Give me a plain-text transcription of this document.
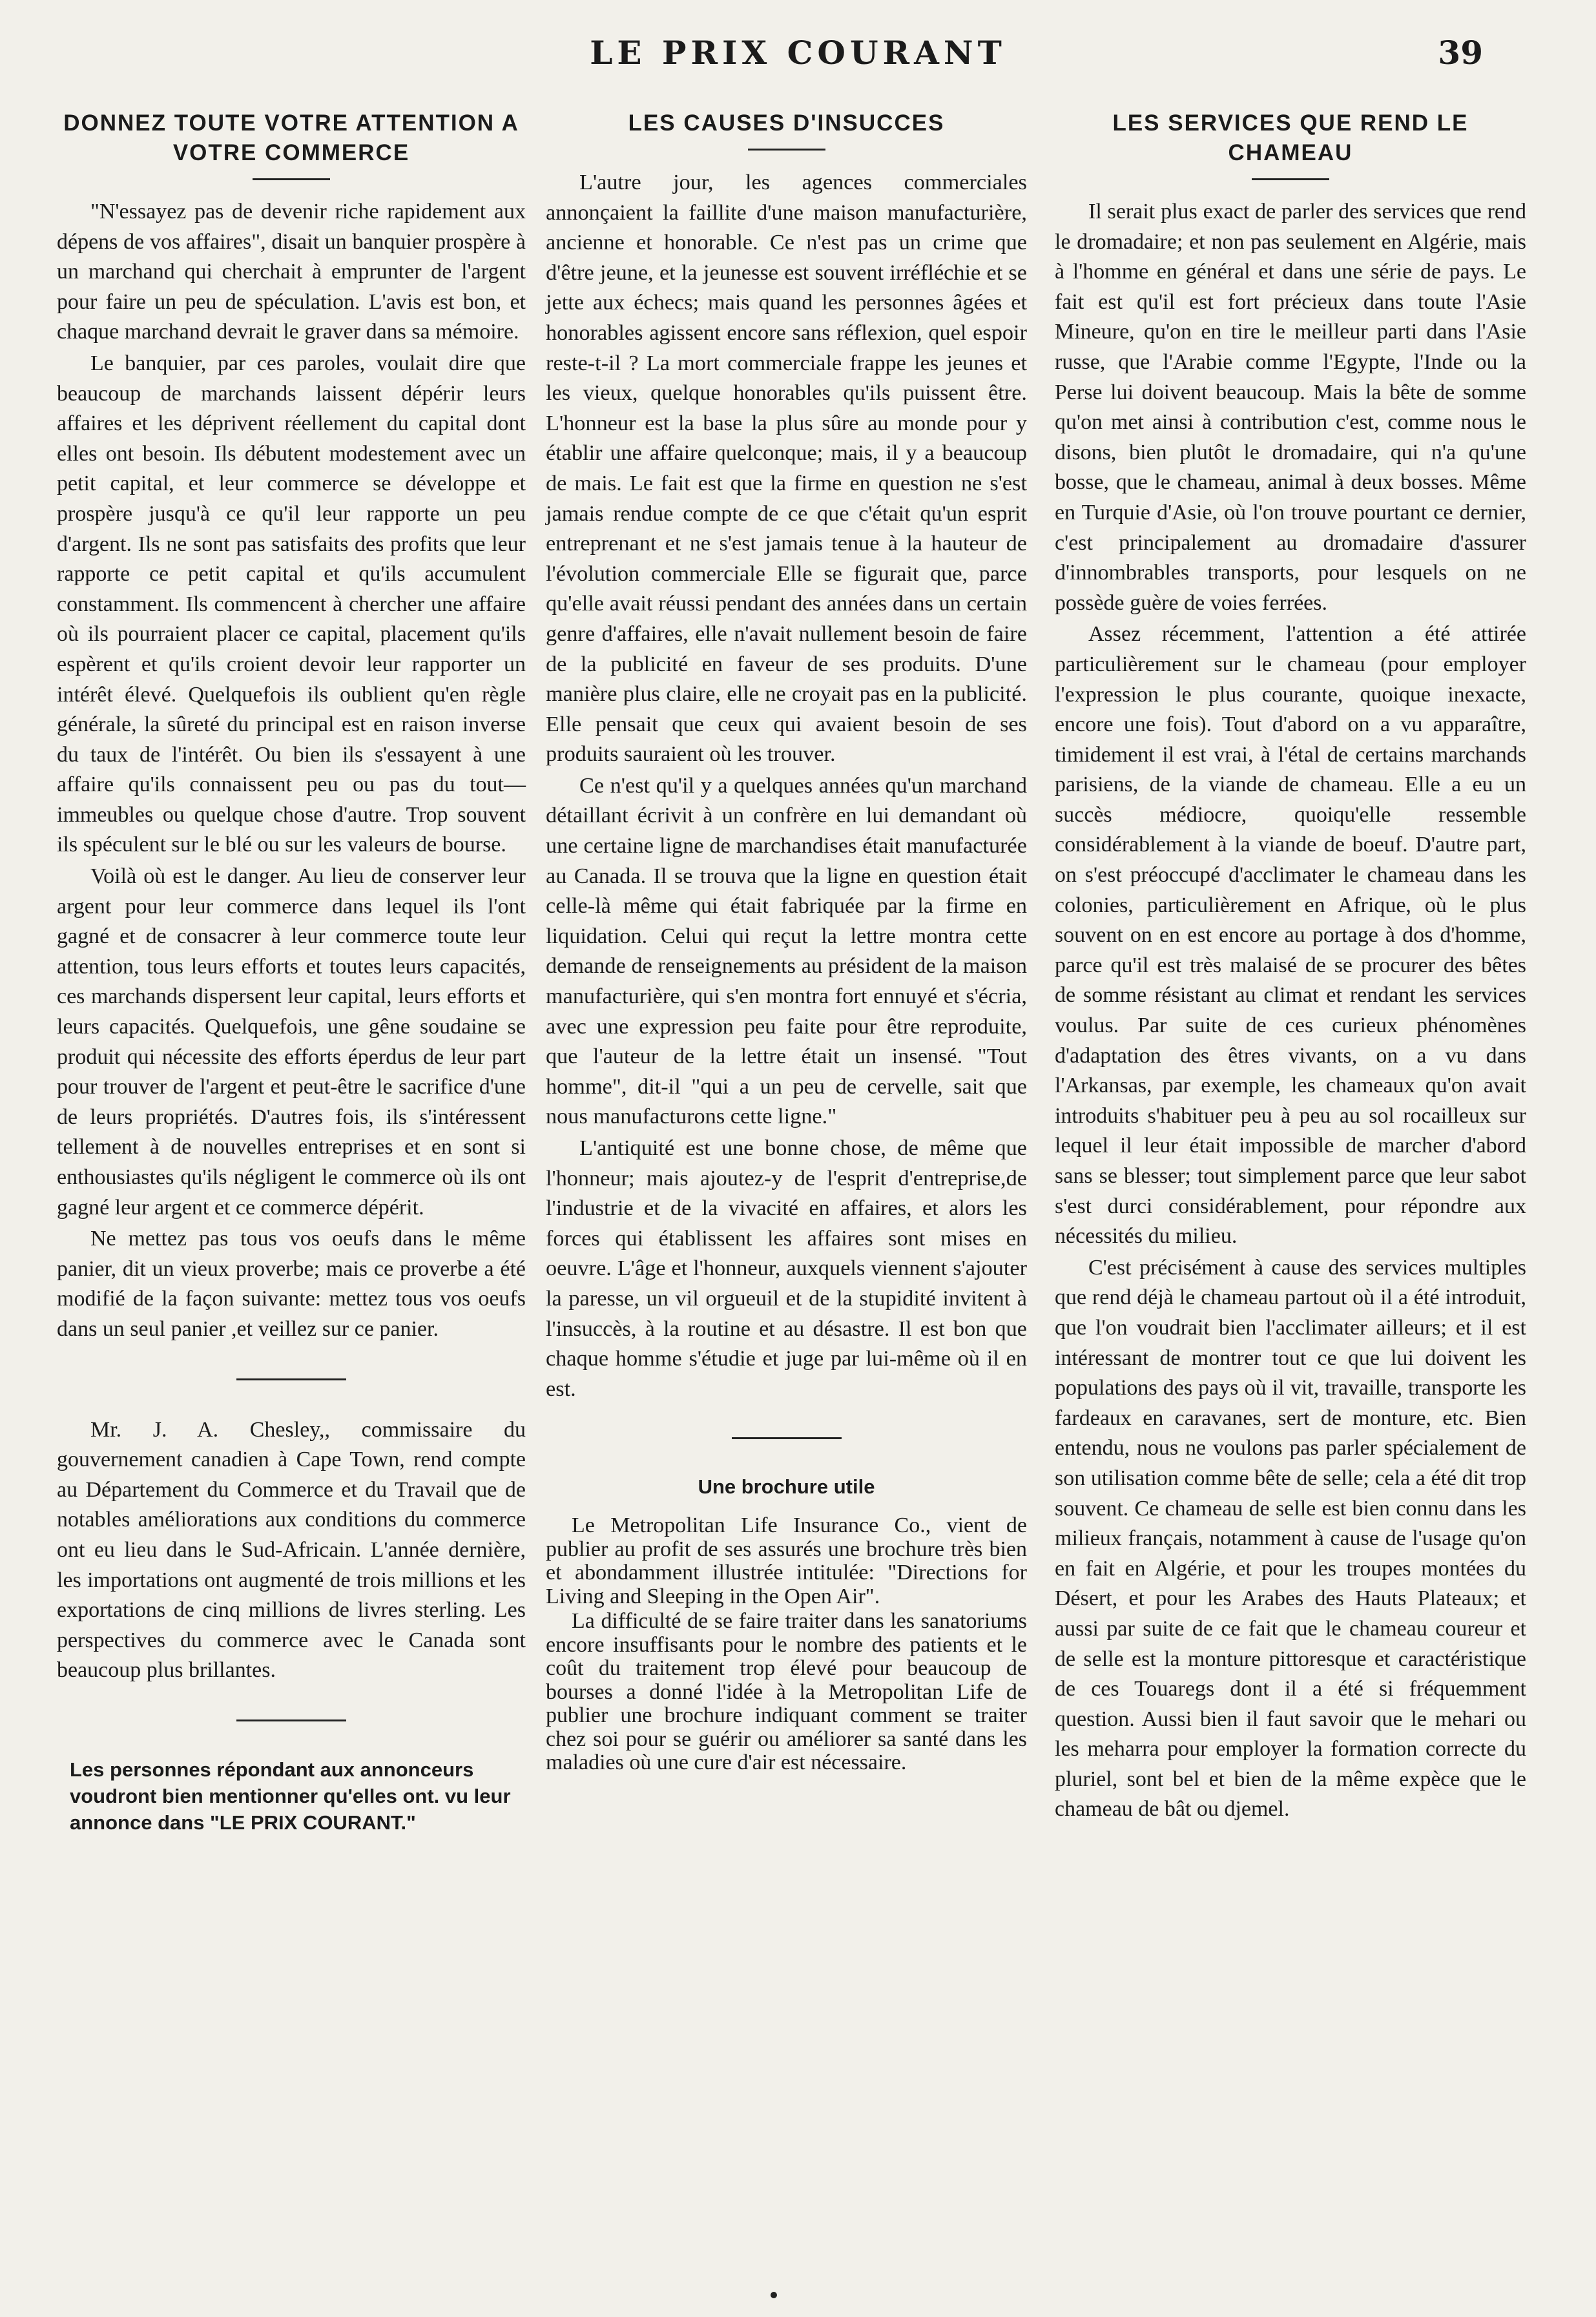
LE PRIX COURANT	39
DONNEZ TOUTE VOTRE ATTENTION A VOTRE COMMERCE

"N'essayez pas de devenir riche rapidement aux dépens de vos affaires", disait un banquier prospère à un marchand qui cherchait à emprunter de l'argent pour faire un peu de spéculation. L'avis est bon, et chaque marchand devrait le graver dans sa mémoire.

Le banquier, par ces paroles, voulait dire que beaucoup de marchands laissent dépérir leurs affaires et les déprivent réellement du capital dont elles ont besoin. Ils débutent modestement avec un petit capital, et leur commerce se développe et prospère jusqu'à ce qu'il leur rapporte un peu d'argent. Ils ne sont pas satisfaits des profits que leur rapporte ce petit capital et qu'ils accumulent constamment. Ils commencent à chercher une affaire où ils pourraient placer ce capital, placement qu'ils espèrent et qu'ils croient devoir leur rapporter un intérêt élevé. Quelquefois ils oublient qu'en règle générale, la sûreté du principal est en raison inverse du taux de l'intérêt. Ou bien ils s'essayent à une affaire qu'ils connaissent peu ou pas du tout—immeubles ou quelque chose d'autre. Trop souvent ils spéculent sur le blé ou sur les valeurs de bourse.

Voilà où est le danger. Au lieu de conserver leur argent pour leur commerce dans lequel ils l'ont gagné et de consacrer à leur commerce toute leur attention, tous leurs efforts et toutes leurs capacités, ces marchands dispersent leur capital, leurs efforts et leurs capacités. Quelquefois, une gêne soudaine se produit qui nécessite des efforts éperdus de leur part pour trouver de l'argent et peut-être le sacrifice d'une de leurs propriétés. D'autres fois, ils s'intéressent tellement à de nouvelles entreprises et en sont si enthousiastes qu'ils négligent le commerce où ils ont gagné leur argent et ce commerce dépérit.

Ne mettez pas tous vos oeufs dans le même panier, dit un vieux proverbe; mais ce proverbe a été modifié de la façon suivante: mettez tous vos oeufs dans un seul panier ,et veillez sur ce panier.

Mr. J. A. Chesley,, commissaire du gouvernement canadien à Cape Town, rend compte au Département du Commerce et du Travail que de notables améliorations aux conditions du commerce ont eu lieu dans le Sud-Africain. L'année dernière, les importations ont augmenté de trois millions et les exportations de cinq millions de livres sterling. Les perspectives du commerce avec le Canada sont beaucoup plus brillantes.

Les personnes répondant aux annonceurs voudront bien mentionner qu'elles ont. vu leur annonce dans "LE PRIX COURANT."

LES CAUSES D'INSUCCES

L'autre jour, les agences commerciales annonçaient la faillite d'une maison manufacturière, ancienne et honorable. Ce n'est pas un crime que d'être jeune, et la jeunesse est souvent irréfléchie et se jette aux échecs; mais quand les personnes âgées et honorables agissent encore sans réflexion, quel espoir reste-t-il ? La mort commerciale frappe les jeunes et les vieux, quelque honorables qu'ils puissent être. L'honneur est la base la plus sûre au monde pour y établir une affaire quelconque; mais, il y a beaucoup de mais. Le fait est que la firme en question ne s'est jamais rendue compte de ce que c'était qu'un esprit entreprenant et ne s'est jamais tenue à la hauteur de l'évolution commerciale Elle se figurait que, parce qu'elle avait réussi pendant des années dans un certain genre d'affaires, elle n'avait nullement besoin de faire de la publicité en faveur de ses produits. D'une manière plus claire, elle ne croyait pas en la publicité. Elle pensait que ceux qui avaient besoin de ses produits sauraient où les trouver.

Ce n'est qu'il y a quelques années qu'un marchand détaillant écrivit à un confrère en lui demandant où une certaine ligne de marchandises était manufacturée au Canada. Il se trouva que la ligne en question était celle-là même qui était fabriquée par la firme en liquidation. Celui qui reçut la lettre montra cette demande de renseignements au président de la maison manufacturière, qui s'en montra fort ennuyé et s'écria, avec une expression peu faite pour être reproduite, que l'auteur de la lettre était un insensé. "Tout homme", dit-il "qui a un peu de cervelle, sait que nous manufacturons cette ligne."

L'antiquité est une bonne chose, de même que l'honneur; mais ajoutez-y de l'esprit d'entreprise,de l'industrie et de la vivacité en affaires, et alors les forces qui établissent les affaires sont mises en oeuvre. L'âge et l'honneur, auxquels viennent s'ajouter la paresse, un vil orgueuil et de la stupidité invitent à l'insuccès, à la routine et au désastre. Il est bon que chaque homme s'étudie et juge par lui-même où il en est.

Une brochure utile

Le Metropolitan Life Insurance Co., vient de publier au profit de ses assurés une brochure très bien et abondamment illustrée intitulée: "Directions for Living and Sleeping in the Open Air".

La difficulté de se faire traiter dans les sanatoriums encore insuffisants pour le nombre des patients et le coût du traitement trop élevé pour beaucoup de bourses a donné l'idée à la Metropolitan Life de publier une brochure indiquant comment se traiter chez soi pour se guérir ou améliorer sa santé dans les maladies où une cure d'air est nécessaire.

LES SERVICES QUE REND LE CHAMEAU

Il serait plus exact de parler des services que rend le dromadaire; et non pas seulement en Algérie, mais à l'homme en général et dans une série de pays. Le fait est qu'il est fort précieux dans toute l'Asie Mineure, qu'on en tire le meilleur parti dans l'Asie russe, que l'Arabie comme l'Egypte, l'Inde ou la Perse lui doivent beaucoup. Mais la bête de somme qu'on met ainsi à contribution c'est, comme nous le disons, bien plutôt le dromadaire, qui n'a qu'une bosse, que le chameau, animal à deux bosses. Même en Turquie d'Asie, où l'on trouve pourtant ce dernier, c'est principalement au dromadaire d'assurer d'innombrables transports, pour lesquels on ne possède guère de voies ferrées.

Assez récemment, l'attention a été attirée particulièrement sur le chameau (pour employer l'expression le plus courante, quoique inexacte, encore une fois). Tout d'abord on a vu apparaître, timidement il est vrai, à l'étal de certains marchands parisiens, de la viande de chameau. Elle a eu un succès médiocre, quoiqu'elle ressemble considérablement à la viande de boeuf. D'autre part, on s'est préoccupé d'acclimater le chameau dans les colonies, particulièrement en Afrique, où le plus souvent on en est encore au portage à dos d'homme, parce qu'il est très malaisé de se procurer des bêtes de somme résistant au climat et rendant les services voulus. Par suite de ces curieux phénomènes d'adaptation des êtres vivants, on a vu dans l'Arkansas, par exemple, les chameaux qu'on avait introduits s'habituer peu à peu au sol rocailleux sur lequel il leur était impossible de marcher d'abord sans se blesser; tout simplement parce que leur sabot s'est durci considérablement, pour répondre aux nécessités du milieu.

C'est précisément à cause des services multiples que rend déjà le chameau partout où il a été introduit, que l'on voudrait bien l'acclimater ailleurs; et il est intéressant de montrer tout ce que lui doivent les populations des pays où il vit, travaille, transporte les fardeaux en caravanes, sert de monture, etc. Bien entendu, nous ne voulons pas parler spécialement de son utilisation comme bête de selle; cela a été dit trop souvent. Ce chameau de selle est bien connu dans les milieux français, notamment à cause de l'usage qu'on en fait en Algérie, et pour les troupes montées du Désert, et pour les Arabes des Hauts Plateaux; et aussi par suite de ce fait que le chameau coureur et de selle est la monture pittoresque et caractéristique de ces Touaregs dont il a été si fréquemment question. Aussi bien il faut savoir que le mehari ou les meharra pour employer la formation correcte du pluriel, sont bel et bien de la même expèce que le chameau de bât ou djemel.
